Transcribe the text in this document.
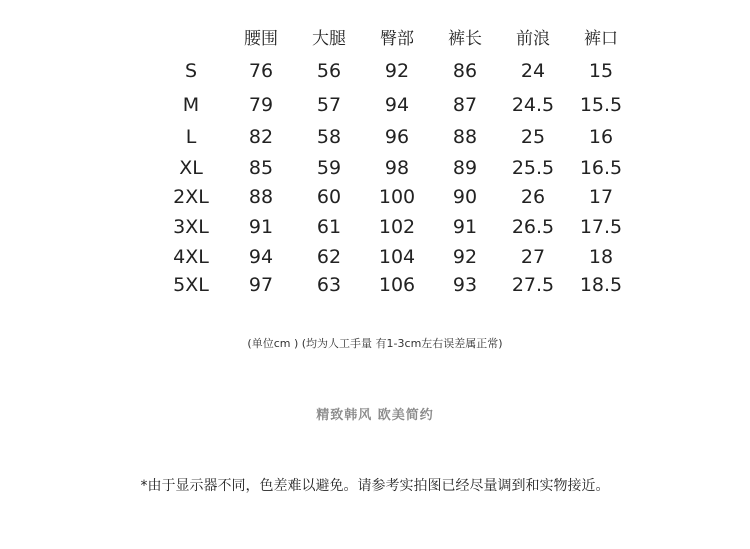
	腰围	大腿	臀部	裤长	前浪	裤口
S	76	56	92	86	24	15
M	79	57	94	87	24.5	15.5
L	82	58	96	88	25	16
XL	85	59	98	89	25.5	16.5
2XL	88	60	100	90	26	17
3XL	91	61	102	91	26.5	17.5
4XL	94	62	104	92	27	18
5XL	97	63	106	93	27.5	18.5
(单位cm ) (均为人工手量 有1-3cm左右误差属正常)
精致韩风 欧美简约
*由于显示器不同，色差难以避免。请参考实拍图已经尽量调到和实物接近。
